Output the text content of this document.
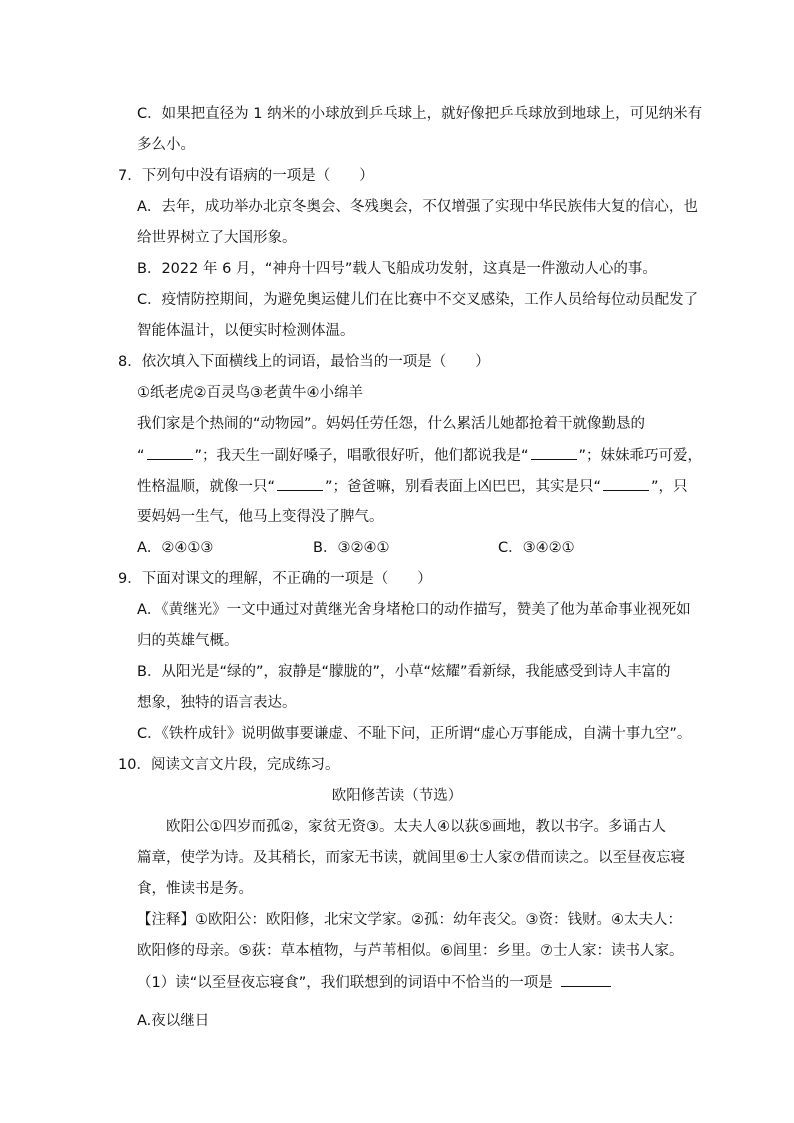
C．如果把直径为 1 纳米的小球放到乒乓球上，就好像把乒乓球放到地球上，可见纳米有
多么小。
7．下列句中没有语病的一项是（　　）
A．去年，成功举办北京冬奥会、冬残奥会，不仅增强了实现中华民族伟大复的信心，也
给世界树立了大国形象。
B．2022 年 6 月，“神舟十四号”载人飞船成功发射，这真是一件激动人心的事。
C．疫情防控期间，为避免奥运健儿们在比赛中不交叉感染，工作人员给每位动员配发了
智能体温计，以便实时检测体温。
8．依次填入下面横线上的词语，最恰当的一项是（　　）
①纸老虎②百灵鸟③老黄牛④小绵羊
我们家是个热闹的“动物园”。妈妈任劳任怨，什么累活儿她都抢着干就像勤恳的
“	”；我天生一副好嗓子，唱歌很好听，他们都说我是“	”；妹妹乖巧可爱，
性格温顺，就像一只“	”；爸爸嘛，别看表面上凶巴巴，其实是只“	”，只
要妈妈一生气，他马上变得没了脾气。
A．②④①③	B．③②④①	C．③④②①
9．下面对课文的理解，不正确的一项是（　　）
A．《黄继光》一文中通过对黄继光舍身堵枪口的动作描写，赞美了他为革命事业视死如
归的英雄气概。
B．从阳光是“绿的”，寂静是“朦胧的”，小草“炫耀”看新绿，我能感受到诗人丰富的
想象，独特的语言表达。
C．《铁杵成针》说明做事要谦虚、不耻下问，正所谓“虚心万事能成，自满十事九空”。
10．阅读文言文片段，完成练习。
欧阳修苦读（节选）
欧阳公①四岁而孤②，家贫无资③。太夫人④以荻⑤画地，教以书字。多诵古人
篇章，使学为诗。及其稍长，而家无书读，就闾里⑥士人家⑦借而读之。以至昼夜忘寝
食，惟读书是务。
【注释】①欧阳公：欧阳修，北宋文学家。②孤：幼年丧父。③资：钱财。④太夫人：
欧阳修的母亲。⑤荻：草本植物，与芦苇相似。⑥闾里：乡里。⑦士人家：读书人家。
（1）读“以至昼夜忘寝食”，我们联想到的词语中不恰当的一项是
A.夜以继日
